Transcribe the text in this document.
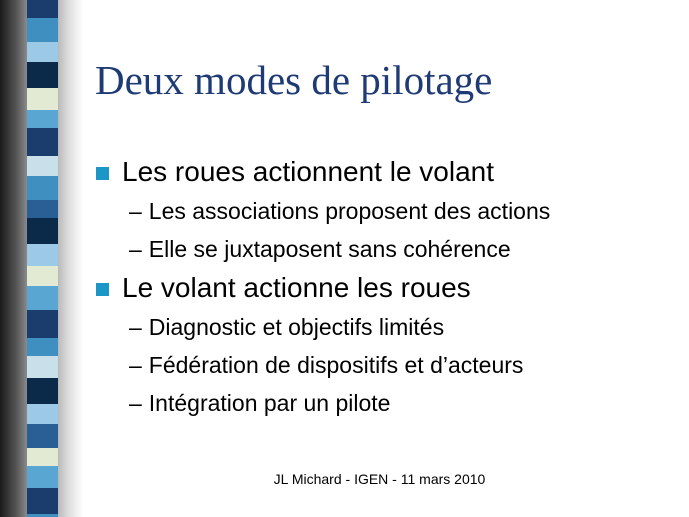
Deux modes de pilotage
Les roues actionnent le volant
– Les associations proposent des actions
– Elle se juxtaposent sans cohérence
Le volant actionne les roues
– Diagnostic et objectifs limités
– Fédération de dispositifs et d’acteurs
– Intégration par un pilote
JL Michard - IGEN - 11 mars 2010
